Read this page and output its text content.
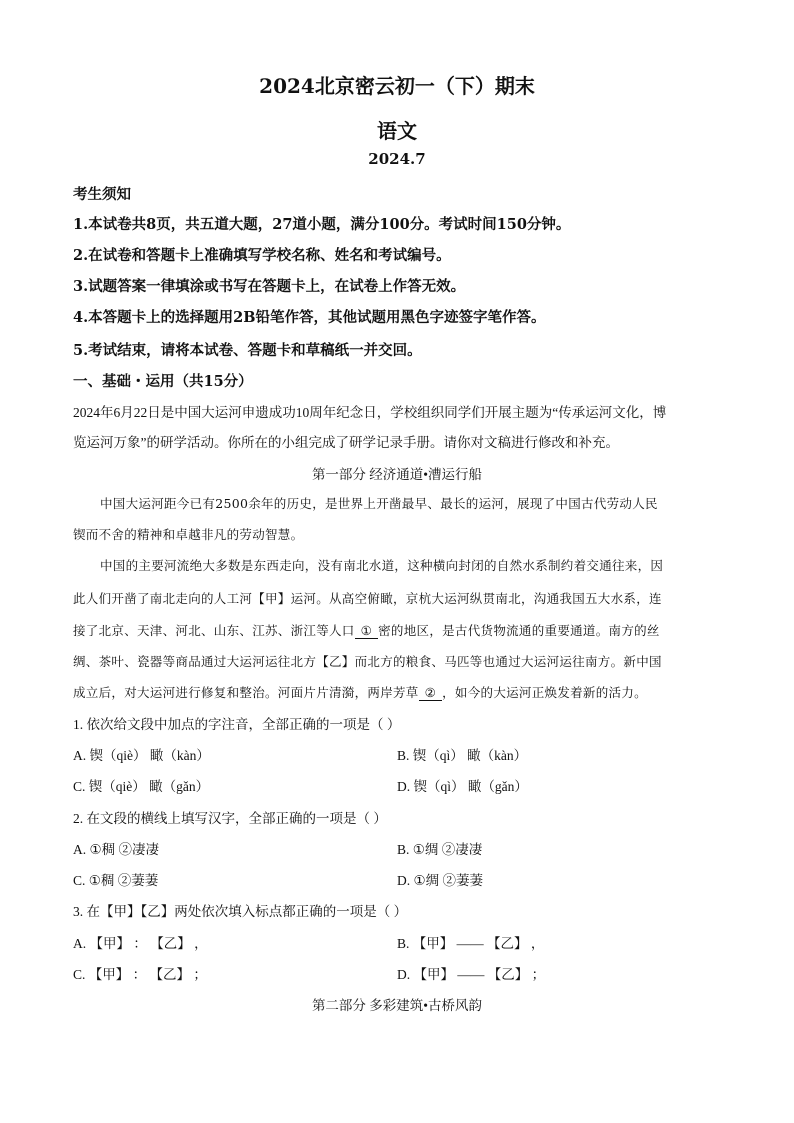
2024北京密云初一（下）期末
语文
2024.7
考生须知
1.本试卷共8页，共五道大题，27道小题，满分100分。考试时间150分钟。
2.在试卷和答题卡上准确填写学校名称、姓名和考试编号。
3.试题答案一律填涂或书写在答题卡上，在试卷上作答无效。
4.本答题卡上的选择题用2B铅笔作答，其他试题用黑色字迹签字笔作答。
5.考试结束，请将本试卷、答题卡和草稿纸一并交回。
一、基础・运用（共15分）
2024年6月22日是中国大运河申遗成功10周年纪念日，学校组织同学们开展主题为“传承运河文化，博
览运河万象”的研学活动。你所在的小组完成了研学记录手册。请你对文稿进行修改和补充。
第一部分 经济通道•漕运行船
中国大运河距今已有2500余年的历史，是世界上开凿最早、最长的运河，展现了中国古代劳动人民
锲而不舍的精神和卓越非凡的劳动智慧。
中国的主要河流绝大多数是东西走向，没有南北水道，这种横向封闭的自然水系制约着交通往来，因
此人们开凿了南北走向的人工河【甲】运河。从高空俯瞰，京杭大运河纵贯南北，沟通我国五大水系，连
接了北京、天津、河北、山东、江苏、浙江等人口 ① 密的地区，是古代货物流通的重要通道。南方的丝
绸、茶叶、瓷器等商品通过大运河运往北方【乙】而北方的粮食、马匹等也通过大运河运往南方。新中国
成立后，对大运河进行修复和整治。河面片片清漪，两岸芳草 ② ，如今的大运河正焕发着新的活力。
1. 依次给文段中加点的字注音，全部正确的一项是（ ）
A. 锲（qiè） 瞰（kàn）	B. 锲（qì） 瞰（kàn）
C. 锲（qiè） 瞰（gǎn）	D. 锲（qì） 瞰（gǎn）
2. 在文段的横线上填写汉字，全部正确的一项是（ ）
A. ①稠 ②凄凄	B. ①绸 ②凄凄
C. ①稠 ②萋萋	D. ①绸 ②萋萋
3. 在【甲】【乙】两处依次填入标点都正确的一项是（ ）
A. 【甲】 ： 【乙】 ，	B. 【甲】 —— 【乙】 ，
C. 【甲】 ： 【乙】 ；	D. 【甲】 —— 【乙】 ；
第二部分 多彩建筑•古桥风韵
